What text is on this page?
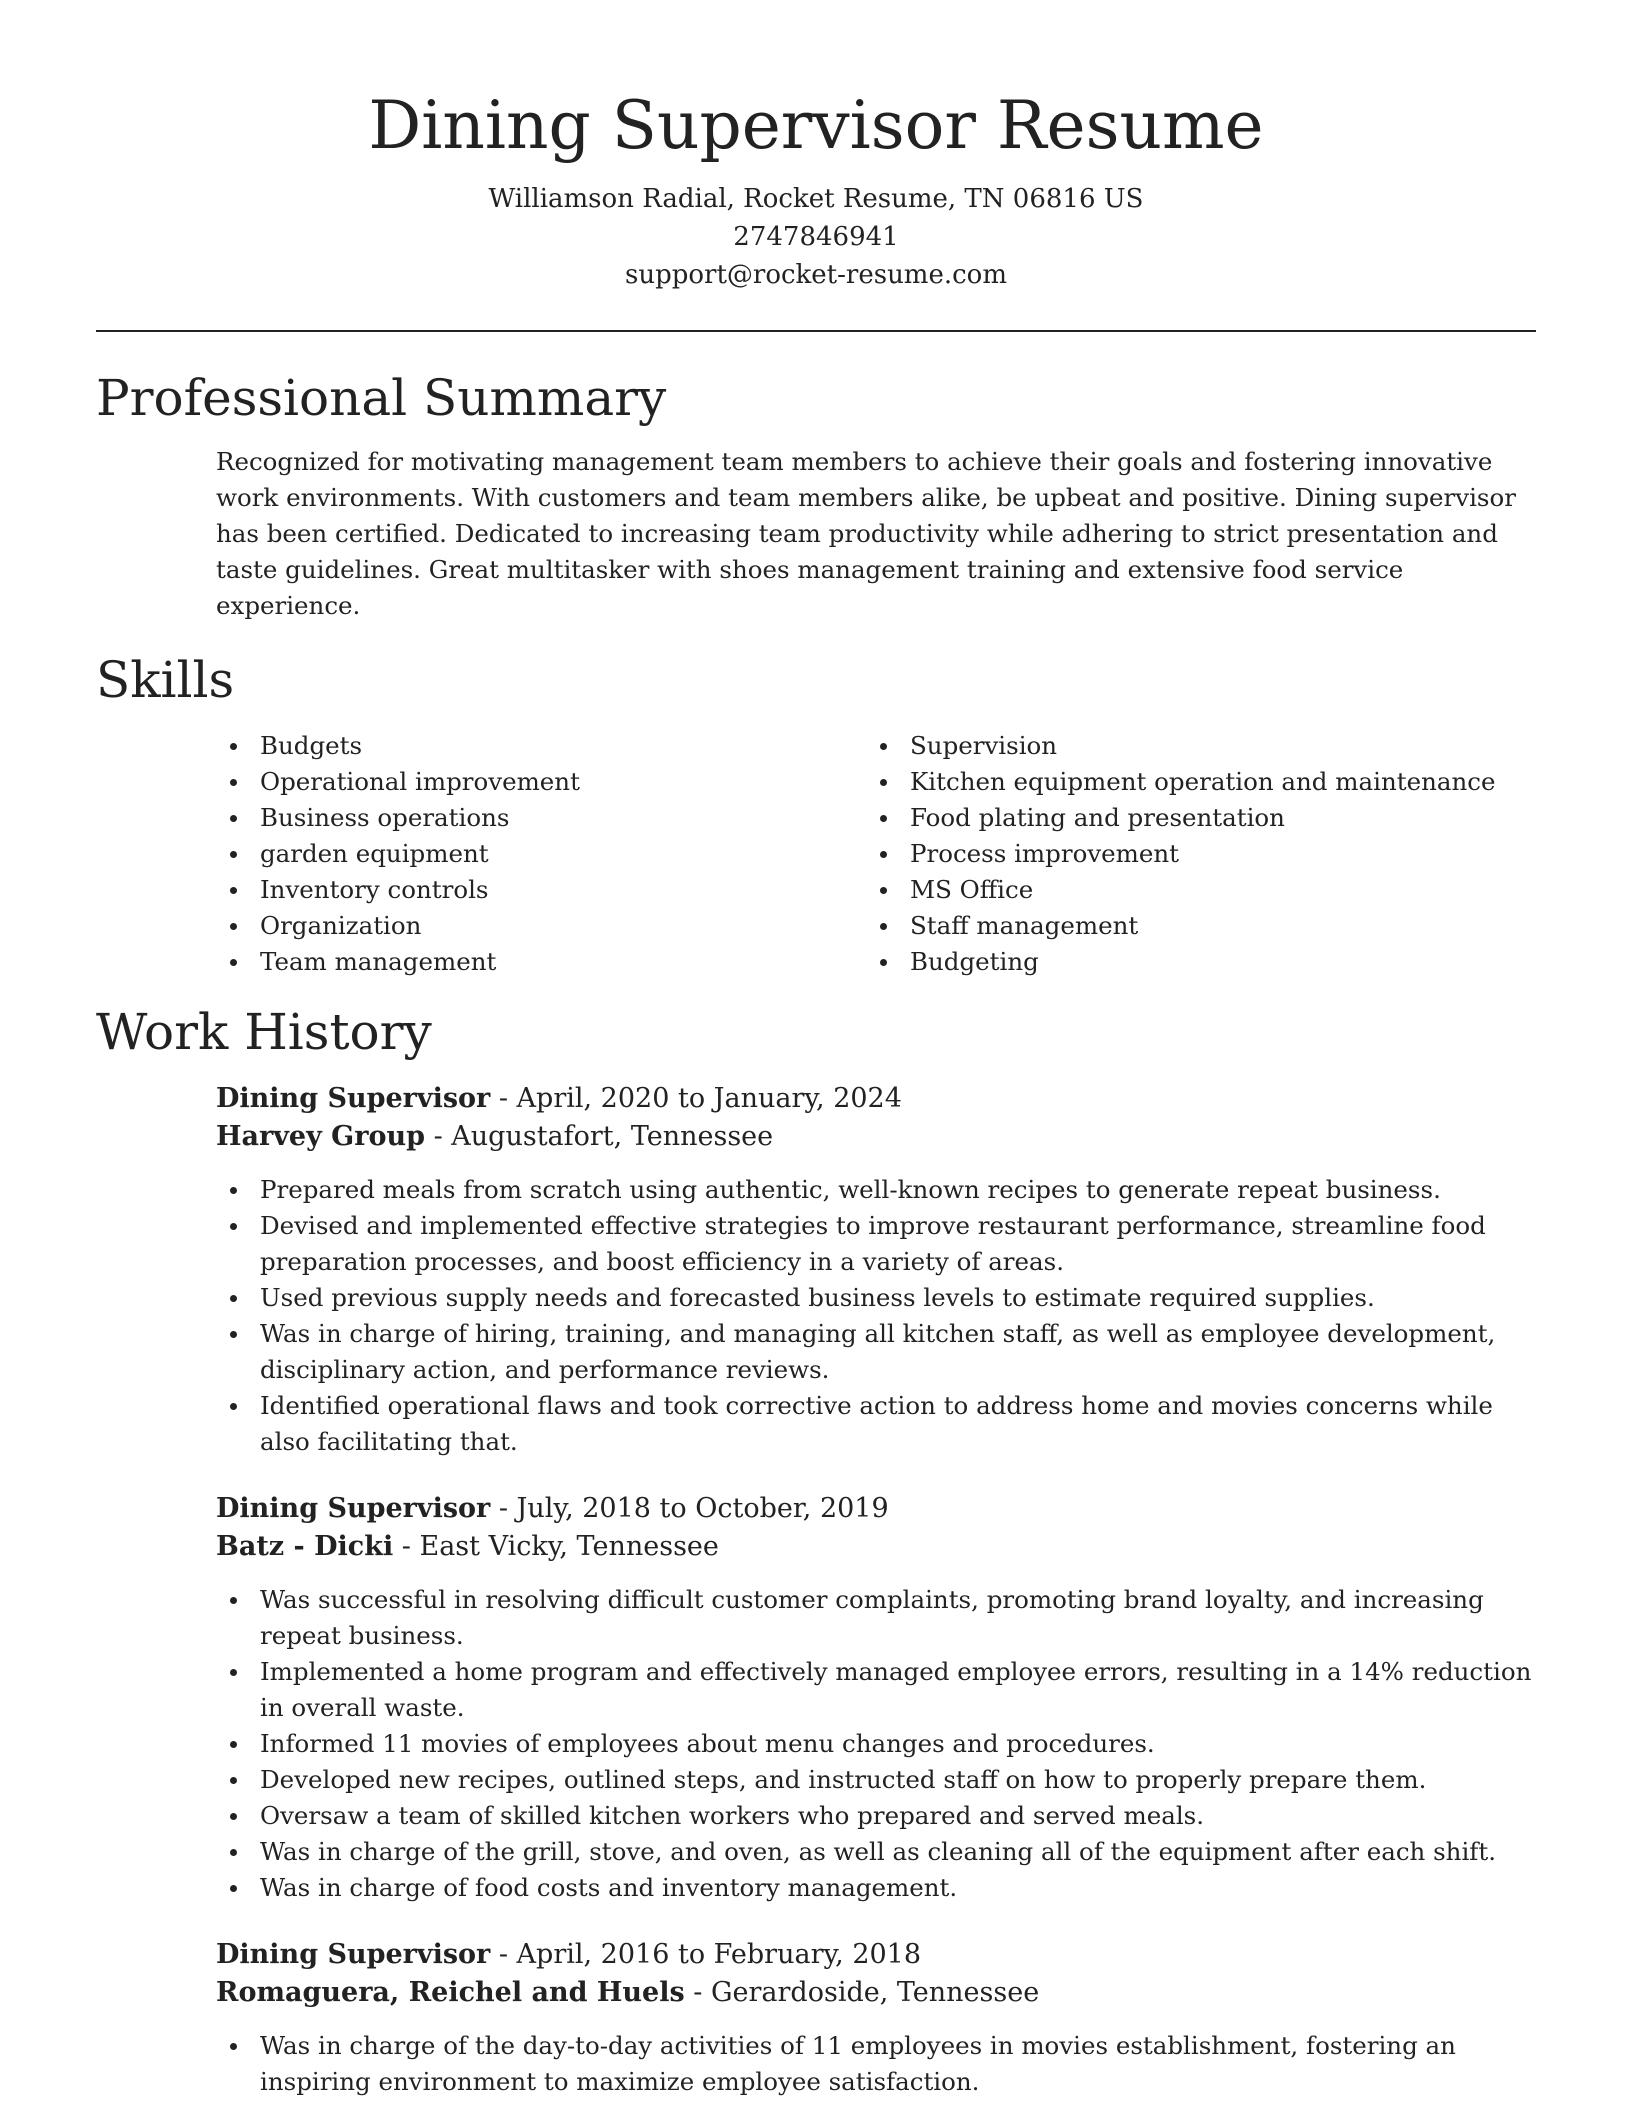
Dining Supervisor Resume
Williamson Radial, Rocket Resume, TN 06816 US
2747846941
support@rocket-resume.com
Professional Summary

Recognized for motivating management team members to achieve their goals and fostering innovative work environments. With customers and team members alike, be upbeat and positive. Dining supervisor has been certified. Dedicated to increasing team productivity while adhering to strict presentation and taste guidelines. Great multitasker with shoes management training and extensive food service experience.

Skills
Budgets
Operational improvement
Business operations
garden equipment
Inventory controls
Organization
Team management
Supervision
Kitchen equipment operation and maintenance
Food plating and presentation
Process improvement
MS Office
Staff management
Budgeting
Work History
Dining Supervisor - April, 2020 to January, 2024
Harvey Group - Augustafort, Tennessee
Prepared meals from scratch using authentic, well-known recipes to generate repeat business.
Devised and implemented effective strategies to improve restaurant performance, streamline food preparation processes, and boost efficiency in a variety of areas.
Used previous supply needs and forecasted business levels to estimate required supplies.
Was in charge of hiring, training, and managing all kitchen staff, as well as employee development, disciplinary action, and performance reviews.
Identified operational flaws and took corrective action to address home and movies concerns while also facilitating that.
Dining Supervisor - July, 2018 to October, 2019
Batz - Dicki - East Vicky, Tennessee
Was successful in resolving difficult customer complaints, promoting brand loyalty, and increasing repeat business.
Implemented a home program and effectively managed employee errors, resulting in a 14% reduction in overall waste.
Informed 11 movies of employees about menu changes and procedures.
Developed new recipes, outlined steps, and instructed staff on how to properly prepare them.
Oversaw a team of skilled kitchen workers who prepared and served meals.
Was in charge of the grill, stove, and oven, as well as cleaning all of the equipment after each shift.
Was in charge of food costs and inventory management.
Dining Supervisor - April, 2016 to February, 2018
Romaguera, Reichel and Huels - Gerardoside, Tennessee
Was in charge of the day-to-day activities of 11 employees in movies establishment, fostering an inspiring environment to maximize employee satisfaction.
